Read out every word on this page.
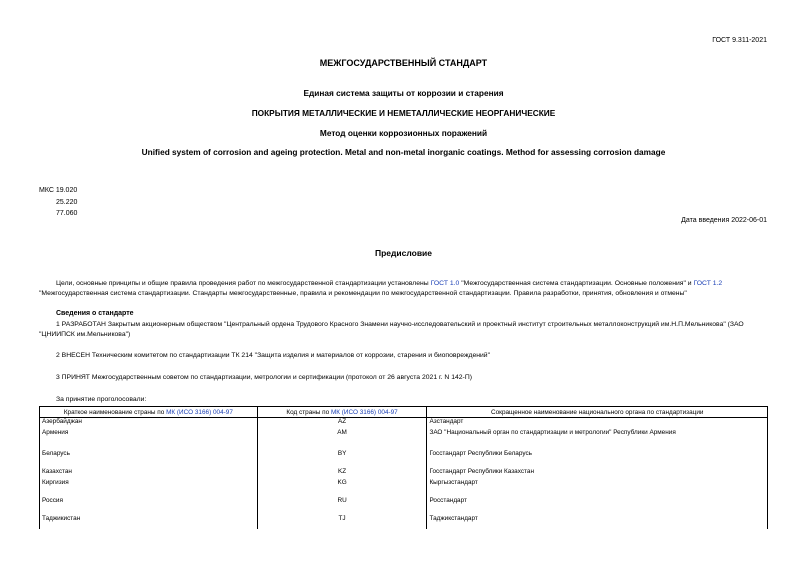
ГОСТ 9.311-2021
МЕЖГОСУДАРСТВЕННЫЙ СТАНДАРТ
Единая система защиты от коррозии и старения
ПОКРЫТИЯ МЕТАЛЛИЧЕСКИЕ И НЕМЕТАЛЛИЧЕСКИЕ НЕОРГАНИЧЕСКИЕ
Метод оценки коррозионных поражений
Unified system of corrosion and ageing protection. Metal and non-metal inorganic coatings. Method for assessing corrosion damage
МКС 19.020
25.220
77.060
Дата введения 2022-06-01
Предисловие
Цели, основные принципы и общие правила проведения работ по межгосударственной стандартизации установлены ГОСТ 1.0 "Межгосударственная система стандартизации. Основные положения" и ГОСТ 1.2 "Межгосударственная система стандартизации. Стандарты межгосударственные, правила и рекомендации по межгосударственной стандартизации. Правила разработки, принятия, обновления и отмены"
Сведения о стандарте
1 РАЗРАБОТАН Закрытым акционерным обществом "Центральный ордена Трудового Красного Знамени научно-исследовательский и проектный институт строительных металлоконструкций им.Н.П.Мельникова" (ЗАО "ЦНИИПСК им.Мельникова")
2 ВНЕСЕН Техническим комитетом по стандартизации ТК 214 "Защита изделия и материалов от коррозии, старения и биоповреждений"
3 ПРИНЯТ Межгосударственным советом по стандартизации, метрологии и сертификации (протокол от 26 августа 2021 г. N 142-П)
За принятие проголосовали:
Краткое наименование страны по МК (ИСО 3166) 004-97	Код страны по МК (ИСО 3166) 004-97	Сокращенное наименование национального органа по стандартизации
Азербайджан	AZ	Азстандарт
Армения	AM	ЗАО "Национальный орган по стандартизации и метрологии" Республики Армения
Беларусь	BY	Госстандарт Республики Беларусь
Казахстан	KZ	Госстандарт Республики Казахстан
Киргизия	KG	Кыргызстандарт
Россия	RU	Росстандарт
Таджикистан	TJ	Таджикстандарт
